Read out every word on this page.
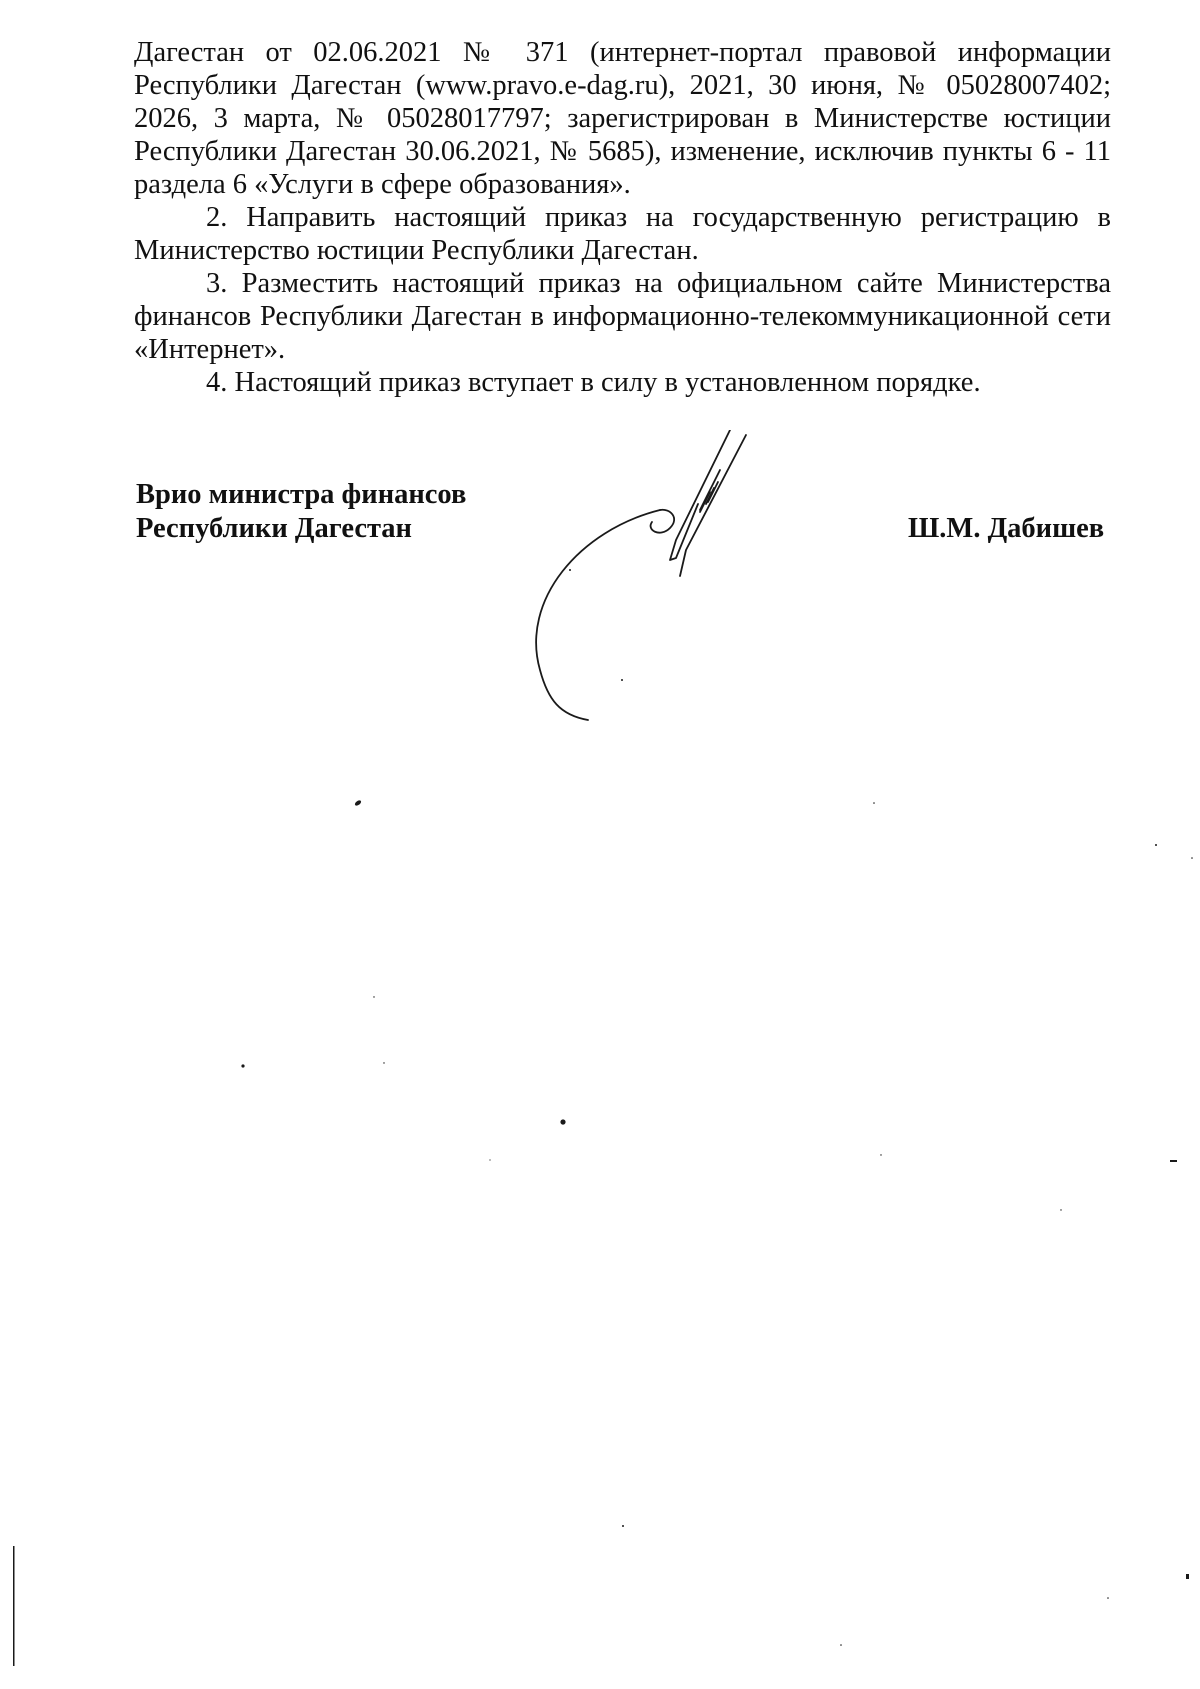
Дагестан от 02.06.2021 № 371 (интернет-портал правовой информации Республики Дагестан (www.pravo.e-dag.ru), 2021, 30 июня, № 05028007402; 2026, 3 марта, № 05028017797; зарегистрирован в Министерстве юстиции Республики Дагестан 30.06.2021, № 5685), изменение, исключив пункты 6 - 11 раздела 6 «Услуги в сфере образования».

2. Направить настоящий приказ на государственную регистрацию в Министерство юстиции Республики Дагестан.

3. Разместить настоящий приказ на официальном сайте Министерства финансов Республики Дагестан в информационно-телекоммуникационной сети «Интернет».

4. Настоящий приказ вступает в силу в установленном порядке.

Врио министра финансов
Республики Дагестан	Ш.М. Дабишев
